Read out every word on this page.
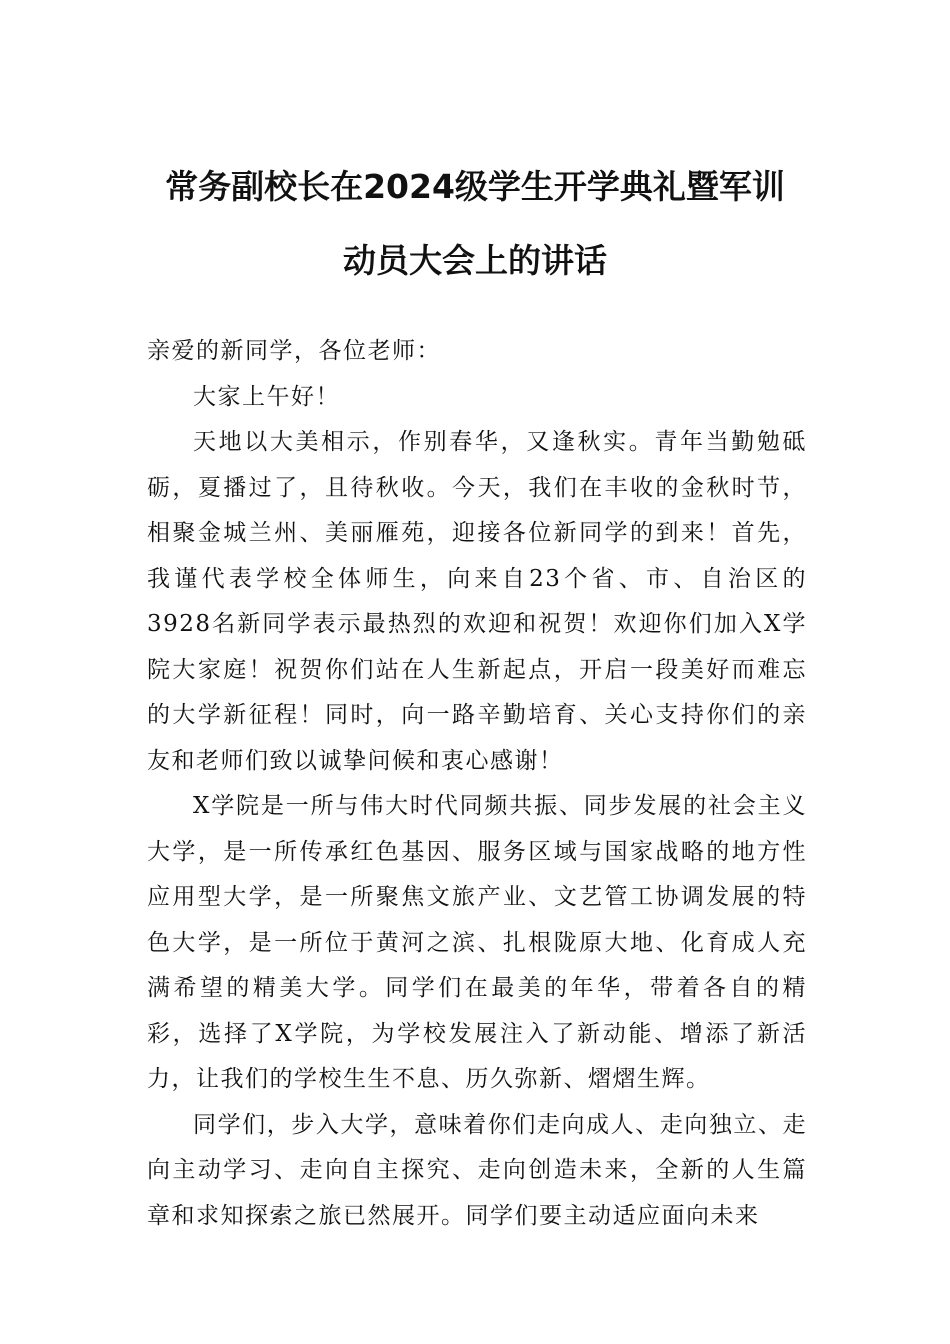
常务副校长在2024级学生开学典礼暨军训
动员大会上的讲话

亲爱的新同学，各位老师：

大家上午好！

天地以大美相示，作别春华，又逢秋实。青年当勤勉砥砺，夏播过了，且待秋收。今天，我们在丰收的金秋时节，相聚金城兰州、美丽雁苑，迎接各位新同学的到来！首先，我谨代表学校全体师生，向来自23个省、市、自治区的3928名新同学表示最热烈的欢迎和祝贺！欢迎你们加入X学院大家庭！祝贺你们站在人生新起点，开启一段美好而难忘的大学新征程！同时，向一路辛勤培育、关心支持你们的亲友和老师们致以诚挚问候和衷心感谢！

X学院是一所与伟大时代同频共振、同步发展的社会主义大学，是一所传承红色基因、服务区域与国家战略的地方性应用型大学，是一所聚焦文旅产业、文艺管工协调发展的特色大学，是一所位于黄河之滨、扎根陇原大地、化育成人充满希望的精美大学。同学们在最美的年华，带着各自的精彩，选择了X学院，为学校发展注入了新动能、增添了新活力，让我们的学校生生不息、历久弥新、熠熠生辉。

同学们，步入大学，意味着你们走向成人、走向独立、走向主动学习、走向自主探究、走向创造未来，全新的人生篇章和求知探索之旅已然展开。同学们要主动适应面向未来
